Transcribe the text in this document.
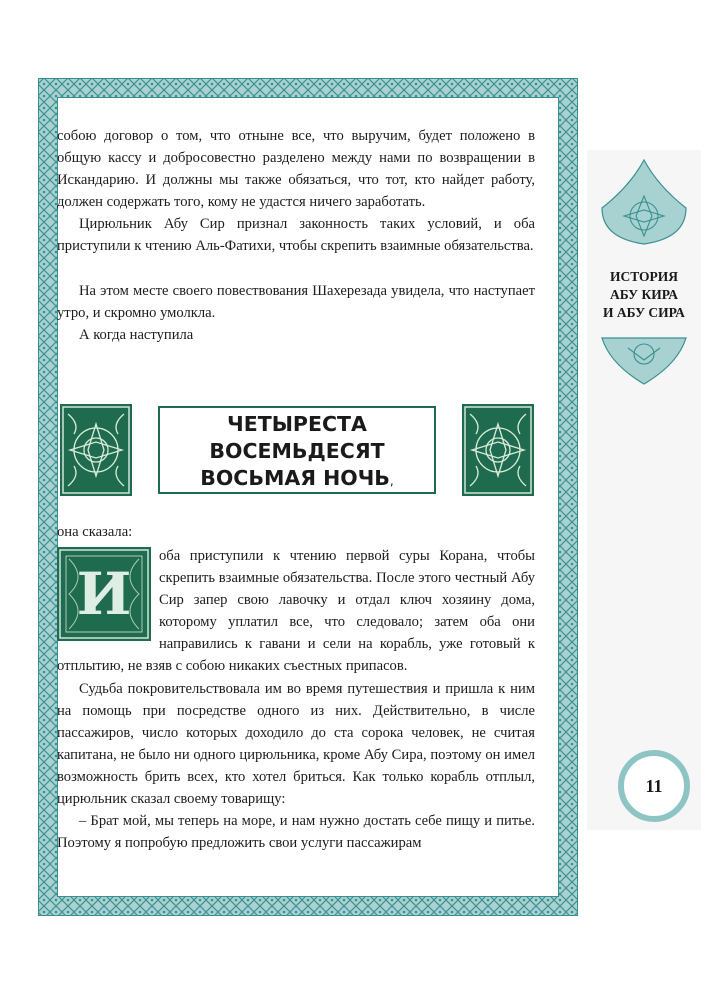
собою договор о том, что отныне все, что выручим, будет положено в общую кассу и добросовестно разделено между нами по возвращении в Искандарию. И должны мы также обязаться, что тот, кто найдет работу, должен содержать того, кому не удастся ничего заработать.

Цирюльник Абу Сир признал законность таких условий, и оба приступили к чтению Аль-Фатихи, чтобы скрепить взаимные обязательства.

На этом месте своего повествования Шахерезада увидела, что наступает утро, и скромно умолкла.

А когда наступила

ЧЕТЫРЕСТА
ВОСЕМЬДЕСЯТ
ВОСЬМАЯ НОЧЬ,

она сказала:

И

оба приступили к чтению первой суры Корана, чтобы скрепить взаимные обязательства. После этого честный Абу Сир запер свою лавочку и отдал ключ хозяину дома, которому уплатил все, что следовало; затем оба они направились к гавани и сели на корабль, уже готовый к отплытию, не взяв с собою никаких съестных припасов.

Судьба покровительствовала им во время путешествия и пришла к ним на помощь при посредстве одного из них. Действительно, в числе пассажиров, число которых доходило до ста сорока человек, не считая капитана, не было ни одного цирюльника, кроме Абу Сира, поэтому он имел возможность брить всех, кто хотел бриться. Как только корабль отплыл, цирюльник сказал своему товарищу:

– Брат мой, мы теперь на море, и нам нужно достать себе пищу и питье. Поэтому я попробую предложить свои услуги пассажирам

ИСТОРИЯ
АБУ КИРА
И АБУ СИРА
11
